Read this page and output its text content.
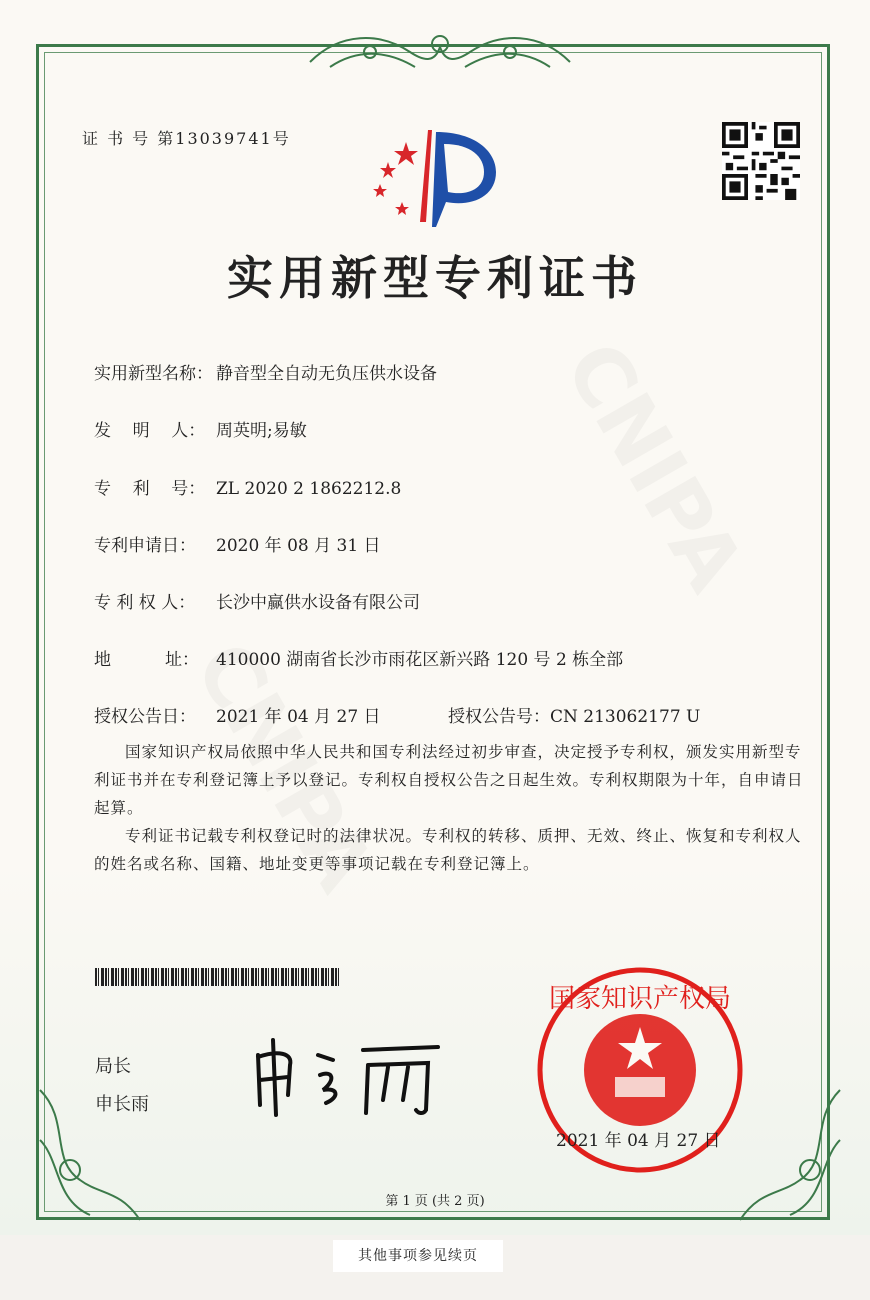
证 书 号 第13039741号
实用新型专利证书
实用新型名称： 静音型全自动无负压供水设备
发    明    人： 周英明;易敏
专    利    号： ZL 2020 2 1862212.8
专利申请日： 2020 年 08 月 31 日
专 利 权 人： 长沙中赢供水设备有限公司
地          址： 410000 湖南省长沙市雨花区新兴路 120 号 2 栋全部
授权公告日： 2021 年 04 月 27 日	授权公告号：CN 213062177 U
国家知识产权局依照中华人民共和国专利法经过初步审查，决定授予专利权，颁发实用新型专利证书并在专利登记簿上予以登记。专利权自授权公告之日起生效。专利权期限为十年，自申请日起算。
专利证书记载专利权登记时的法律状况。专利权的转移、质押、无效、终止、恢复和专利权人的姓名或名称、国籍、地址变更等事项记载在专利登记簿上。
局长
申长雨
国家知识产权局
2021 年 04 月 27 日
第 1 页 (共 2 页)
其他事项参见续页
